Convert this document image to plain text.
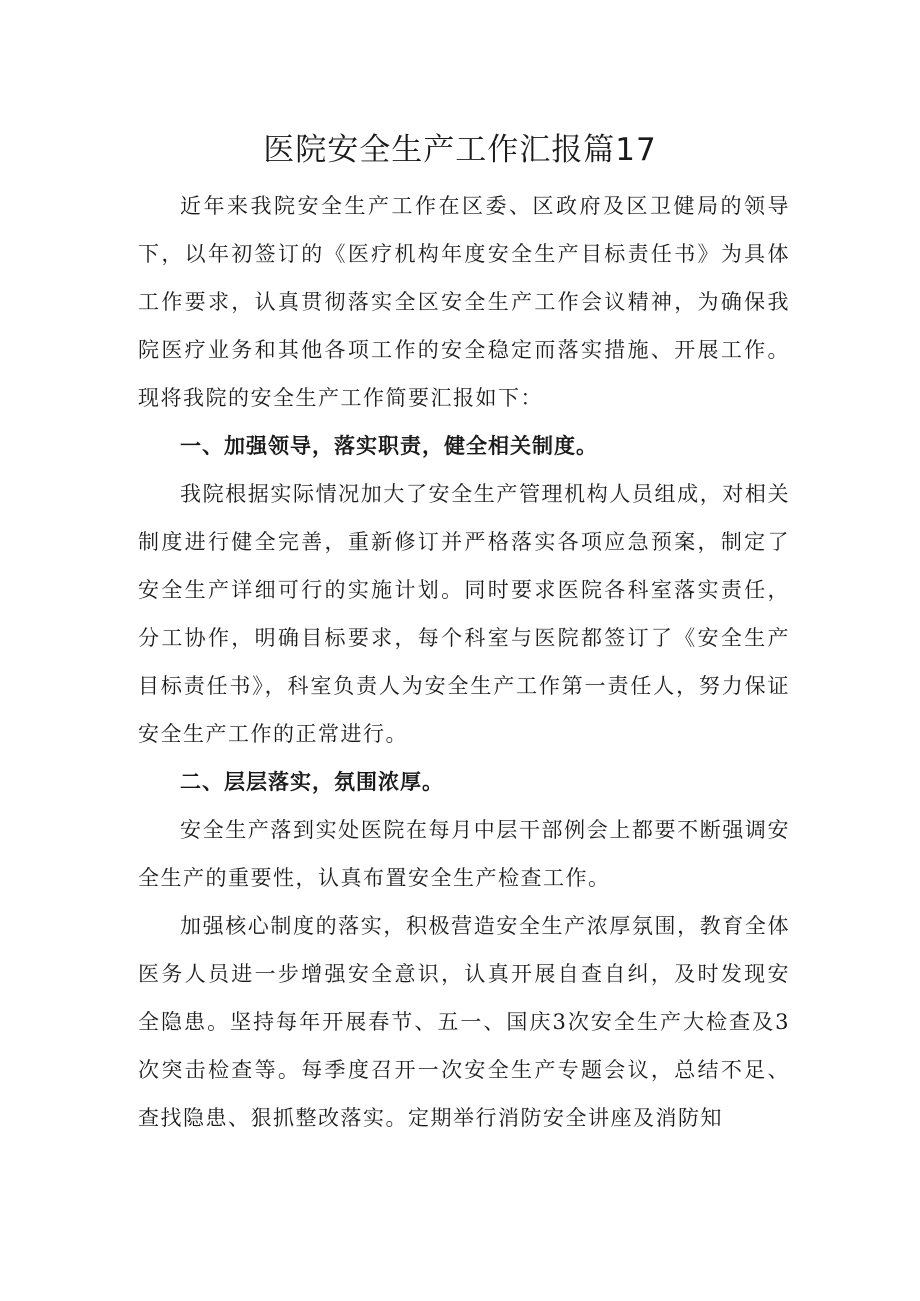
医院安全生产工作汇报篇17

近年来我院安全生产工作在区委、区政府及区卫健局的领导下，以年初签订的《医疗机构年度安全生产目标责任书》为具体工作要求，认真贯彻落实全区安全生产工作会议精神，为确保我院医疗业务和其他各项工作的安全稳定而落实措施、开展工作。现将我院的安全生产工作简要汇报如下：

一、加强领导，落实职责，健全相关制度。

我院根据实际情况加大了安全生产管理机构人员组成，对相关制度进行健全完善，重新修订并严格落实各项应急预案，制定了安全生产详细可行的实施计划。同时要求医院各科室落实责任，分工协作，明确目标要求，每个科室与医院都签订了《安全生产目标责任书》，科室负责人为安全生产工作第一责任人，努力保证安全生产工作的正常进行。

二、层层落实，氛围浓厚。

安全生产落到实处医院在每月中层干部例会上都要不断强调安全生产的重要性，认真布置安全生产检查工作。

加强核心制度的落实，积极营造安全生产浓厚氛围，教育全体医务人员进一步增强安全意识，认真开展自查自纠，及时发现安全隐患。坚持每年开展春节、五一、国庆3次安全生产大检查及3次突击检查等。每季度召开一次安全生产专题会议，总结不足、查找隐患、狠抓整改落实。定期举行消防安全讲座及消防知
